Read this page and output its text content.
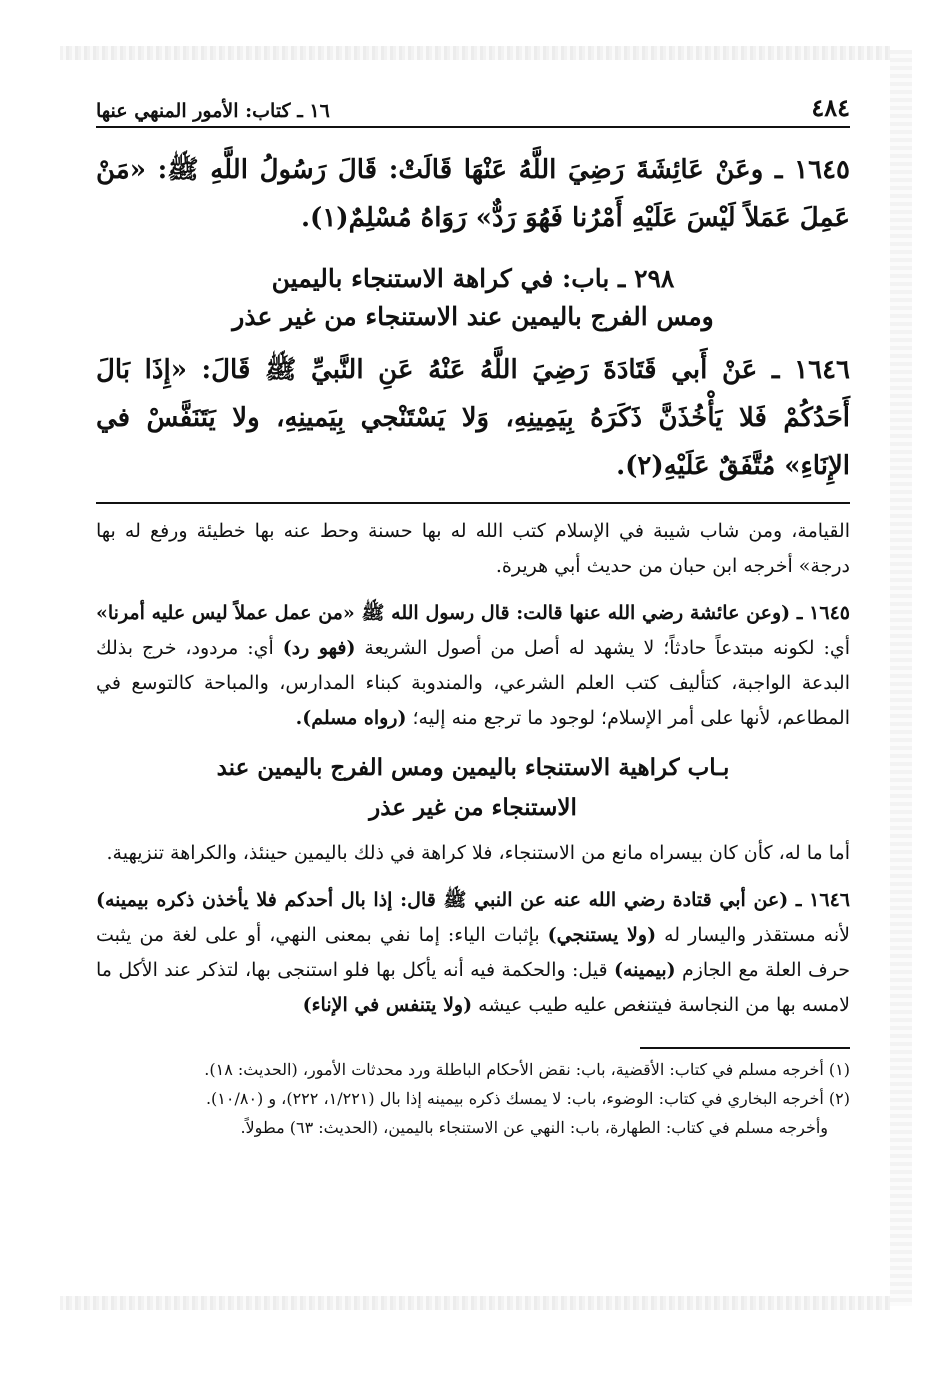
٤٨٤
١٦ ـ كتاب: الأمور المنهي عنها
١٦٤٥ ـ وعَنْ عَائِشَةَ رَضِيَ اللَّهُ عَنْهَا قَالَتْ: قَالَ رَسُولُ اللَّهِ ﷺ: «مَنْ عَمِلَ عَمَلاً لَيْسَ عَلَيْهِ أَمْرُنا فَهُوَ رَدٌّ» رَوَاهُ مُسْلِمٌ(١).
٢٩٨ ـ باب: في كراهة الاستنجاء باليمين
ومس الفرج باليمين عند الاستنجاء من غير عذر
١٦٤٦ ـ عَنْ أَبي قَتَادَةَ رَضِيَ اللَّهُ عَنْهُ عَنِ النَّبيِّ ﷺ قَالَ: «إِذَا بَالَ أَحَدُكُمْ فَلا يَأْخُذَنَّ ذَكَرَهُ بِيَمِينِهِ، وَلا يَسْتَنْجي بِيَمينِهِ، ولا يَتَنَفَّسْ في الإِنَاءِ» مُتَّفَقٌ عَلَيْهِ(٢).
القيامة، ومن شاب شيبة في الإسلام كتب الله له بها حسنة وحط عنه بها خطيئة ورفع له بها درجة» أخرجه ابن حبان من حديث أبي هريرة.
١٦٤٥ ـ (وعن عائشة رضي الله عنها قالت: قال رسول الله ﷺ «من عمل عملاً ليس عليه أمرنا» أي: لكونه مبتدعاً حادثاً؛ لا يشهد له أصل من أصول الشريعة (فهو رد) أي: مردود، خرج بذلك البدعة الواجبة، كتأليف كتب العلم الشرعي، والمندوبة كبناء المدارس، والمباحة كالتوسع في المطاعم، لأنها على أمر الإسلام؛ لوجود ما ترجع منه إليه؛ (رواه مسلم).
بـاب كراهية الاستنجاء باليمين ومس الفرج باليمين عند
الاستنجاء من غير عذر
أما ما له، كأن كان بيسراه مانع من الاستنجاء، فلا كراهة في ذلك باليمين حينئذ، والكراهة تنزيهية.
١٦٤٦ ـ (عن أبي قتادة رضي الله عنه عن النبي ﷺ قال: إذا بال أحدكم فلا يأخذن ذكره بيمينه) لأنه مستقذر واليسار له (ولا يستنجي) بإثبات الياء: إما نفي بمعنى النهي، أو على لغة من يثبت حرف العلة مع الجازم (بيمينه) قيل: والحكمة فيه أنه يأكل بها فلو استنجى بها، لتذكر عند الأكل ما لامسه بها من النجاسة فيتنغص عليه طيب عيشه (ولا يتنفس في الإناء)
(١) أخرجه مسلم في كتاب: الأقضية، باب: نقض الأحكام الباطلة ورد محدثات الأمور، (الحديث: ١٨).
(٢) أخرجه البخاري في كتاب: الوضوء، باب: لا يمسك ذكره بيمينه إذا بال (١/٢٢١، ٢٢٢)، و (١٠/٨٠).
وأخرجه مسلم في كتاب: الطهارة، باب: النهي عن الاستنجاء باليمين، (الحديث: ٦٣) مطولاً.
